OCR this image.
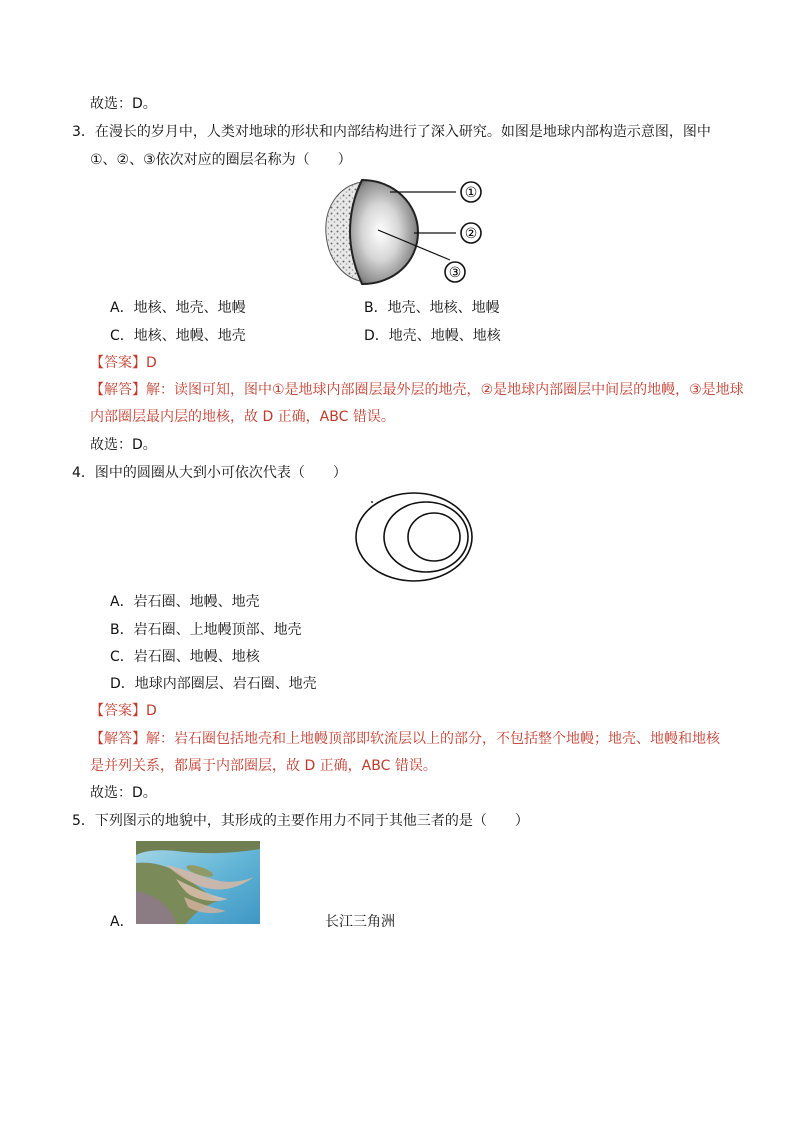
故选：D。
3．在漫长的岁月中，人类对地球的形状和内部结构进行了深入研究。如图是地球内部构造示意图，图中
①、②、③依次对应的圈层名称为（　　）
①
②
③
A．地核、地壳、地幔	B．地壳、地核、地幔
C．地核、地幔、地壳	D．地壳、地幔、地核
【答案】D
【解答】解：读图可知，图中①是地球内部圈层最外层的地壳，②是地球内部圈层中间层的地幔，③是地球
内部圈层最内层的地核，故 D 正确，ABC 错误。
故选：D。
4．图中的圆圈从大到小可依次代表（　　）
A．岩石圈、地幔、地壳
B．岩石圈、上地幔顶部、地壳
C．岩石圈、地幔、地核
D．地球内部圈层、岩石圈、地壳
【答案】D
【解答】解：岩石圈包括地壳和上地幔顶部即软流层以上的部分，不包括整个地幔；地壳、地幔和地核
是并列关系，都属于内部圈层，故 D 正确，ABC 错误。
故选：D。
5．下列图示的地貌中，其形成的主要作用力不同于其他三者的是（　　）
A．	长江三角洲
